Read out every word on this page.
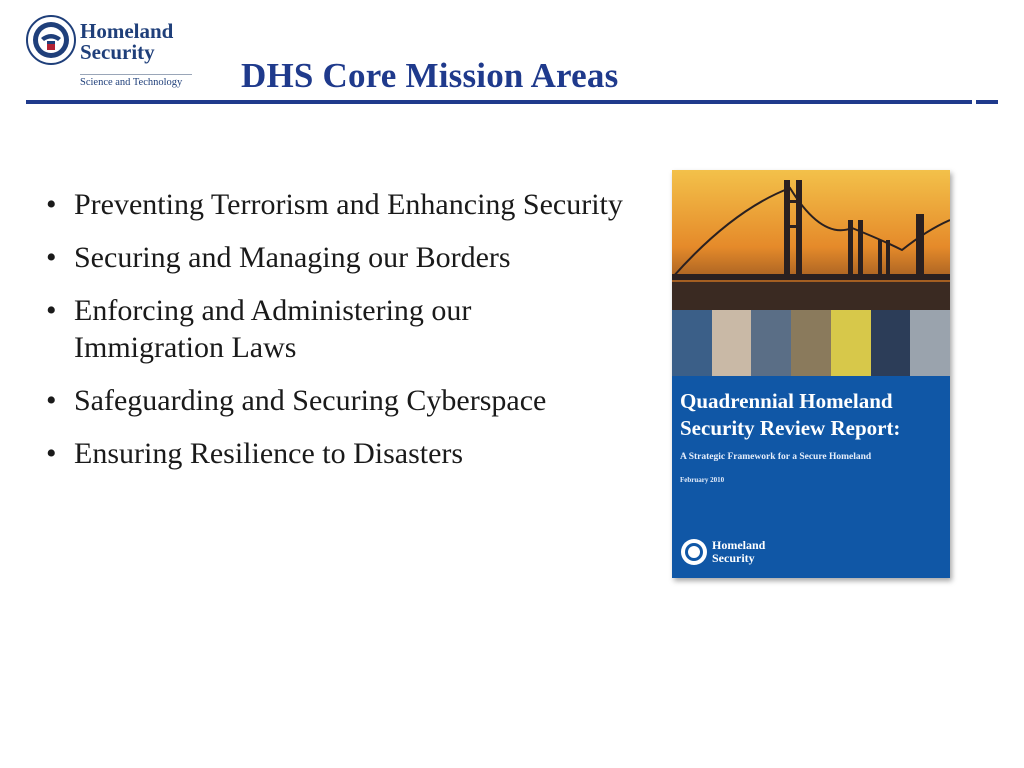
Homeland
Security
Science and Technology DHS Core Mission Areas
• Preventing Terrorism and Enhancing Security
• Securing and Managing our Borders
• Enforcing and Administering our Immigration Laws
• Safeguarding and Securing Cyberspace
• Ensuring Resilience to Disasters
Quadrennial Homeland Security Review Report:
A Strategic Framework for a Secure Homeland
February 2010
Homeland
Security
